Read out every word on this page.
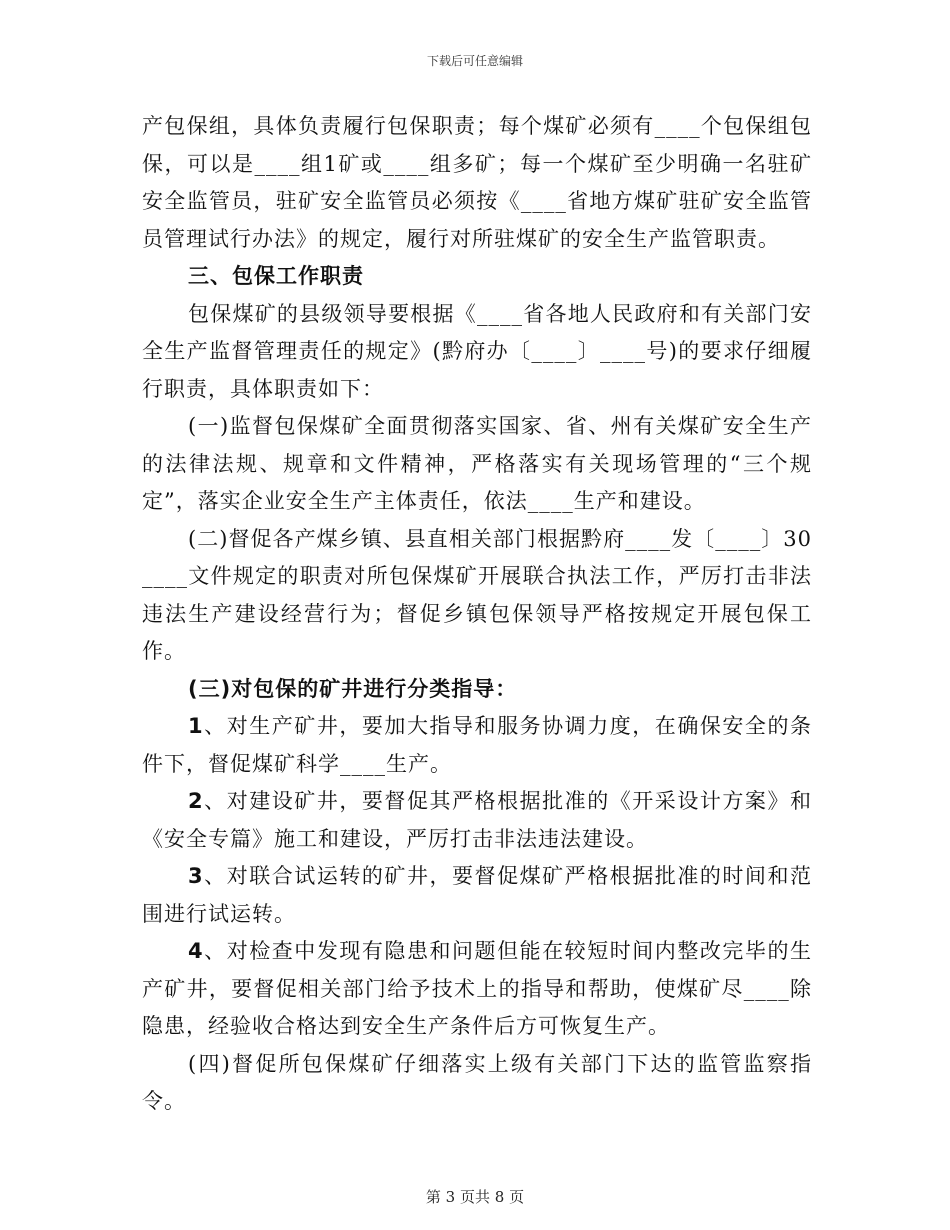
下载后可任意编辑

产包保组，具体负责履行包保职责；每个煤矿必须有____个包保组包保，可以是____组1矿或____组多矿；每一个煤矿至少明确一名驻矿安全监管员，驻矿安全监管员必须按《____省地方煤矿驻矿安全监管员管理试行办法》的规定，履行对所驻煤矿的安全生产监管职责。

三、包保工作职责

包保煤矿的县级领导要根据《____省各地人民政府和有关部门安全生产监督管理责任的规定》(黔府办〔____〕____号)的要求仔细履行职责，具体职责如下：

(一)监督包保煤矿全面贯彻落实国家、省、州有关煤矿安全生产的法律法规、规章和文件精神，严格落实有关现场管理的“三个规定”，落实企业安全生产主体责任，依法____生产和建设。

(二)督促各产煤乡镇、县直相关部门根据黔府____发〔____〕30____文件规定的职责对所包保煤矿开展联合执法工作，严厉打击非法违法生产建设经营行为；督促乡镇包保领导严格按规定开展包保工作。

(三)对包保的矿井进行分类指导：

1、对生产矿井，要加大指导和服务协调力度，在确保安全的条件下，督促煤矿科学____生产。

2、对建设矿井，要督促其严格根据批准的《开采设计方案》和《安全专篇》施工和建设，严厉打击非法违法建设。

3、对联合试运转的矿井，要督促煤矿严格根据批准的时间和范围进行试运转。

4、对检查中发现有隐患和问题但能在较短时间内整改完毕的生产矿井，要督促相关部门给予技术上的指导和帮助，使煤矿尽____除隐患，经验收合格达到安全生产条件后方可恢复生产。

(四)督促所包保煤矿仔细落实上级有关部门下达的监管监察指令。

第 3 页共 8 页
